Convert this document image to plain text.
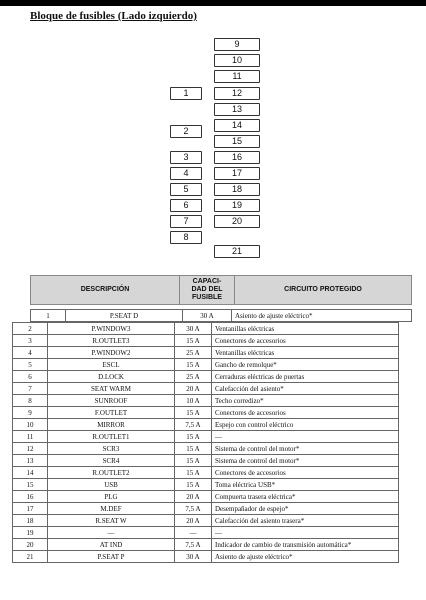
Bloque de fusibles (Lado izquierdo)
9
10
11
1	12
13
2
14
15
3	16
4	17
5	18
6	19
7	20
8
21
DESCRIPCIÓN	CAPACI-
DAD DEL
FUSIBLE	CIRCUITO PROTEGIDO
1	P.SEAT D	30 A	Asiento de ajuste eléctrico*
2	P.WINDOW3	30 A	Ventanillas eléctricas
3	R.OUTLET3	15 A	Conectores de accesorios
4	P.WINDOW2	25 A	Ventanillas eléctricas
5	ESCL	15 A	Gancho de remolque*
6	D.LOCK	25 A	Cerraduras eléctricas de puertas
7	SEAT WARM	20 A	Calefacción del asiento*
8	SUNROOF	10 A	Techo corredizo*
9	F.OUTLET	15 A	Conectores de accesorios
10	MIRROR	7,5 A	Espejo con control eléctrico
11	R.OUTLET1	15 A	—
12	SCR3	15 A	Sistema de control del motor*
13	SCR4	15 A	Sistema de control del motor*
14	R.OUTLET2	15 A	Conectores de accesorios
15	USB	15 A	Toma eléctrica USB*
16	PLG	20 A	Compuerta trasera eléctrica*
17	M.DEF	7,5 A	Desempañador de espejo*
18	R.SEAT W	20 A	Calefacción del asiento trasera*
19	—	—	—
20	AT IND	7,5 A	Indicador de cambio de transmisión automática*
21	P.SEAT P	30 A	Asiento de ajuste eléctrico*
